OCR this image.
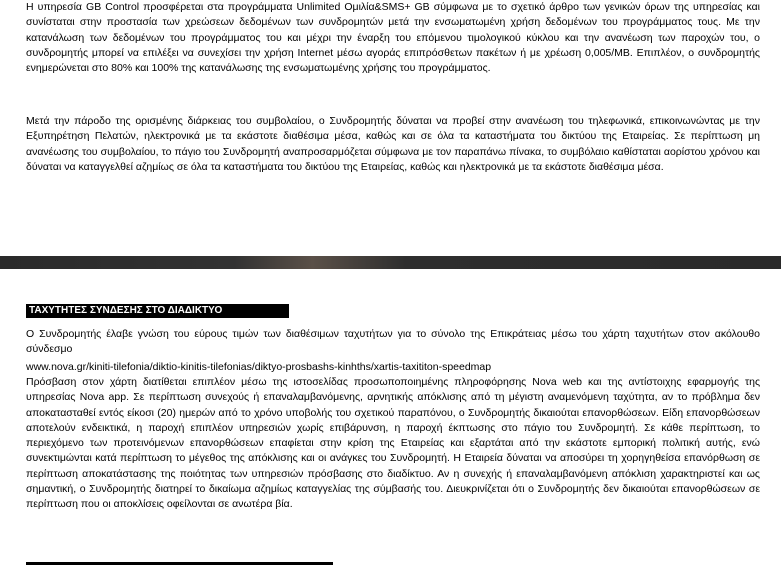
Η υπηρεσία GB Control προσφέρεται στα προγράμματα Unlimited Ομιλία&SMS+ GB σύμφωνα με το σχετικό άρθρο των γενικών όρων της υπηρεσίας και συνίσταται στην προστασία των χρεώσεων δεδομένων των συνδρομητών μετά την ενσωματωμένη χρήση δεδομένων του προγράμματος τους. Με την κατανάλωση των δεδομένων του προγράμματος του και μέχρι την έναρξη του επόμενου τιμολογικού κύκλου και την ανανέωση των παροχών του, ο συνδρομητής μπορεί να επιλέξει να συνεχίσει την χρήση Internet μέσω αγοράς επιπρόσθετων πακέτων ή με χρέωση 0,005/MB. Επιπλέον, ο συνδρομητής ενημερώνεται στο 80% και 100% της κατανάλωσης της ενσωματωμένης χρήσης του προγράμματος.

Μετά την πάροδο της ορισμένης διάρκειας του συμβολαίου, ο Συνδρομητής δύναται να προβεί στην ανανέωση του τηλεφωνικά, επικοινωνώντας με την Εξυπηρέτηση Πελατών, ηλεκτρονικά με τα εκάστοτε διαθέσιμα μέσα, καθώς και σε όλα τα καταστήματα του δικτύου της Εταιρείας. Σε περίπτωση μη ανανέωσης του συμβολαίου, το πάγιο του Συνδρομητή αναπροσαρμόζεται σύμφωνα με τον παραπάνω πίνακα, το συμβόλαιο καθίσταται αορίστου χρόνου και δύναται να καταγγελθεί αζημίως σε όλα τα καταστήματα του δικτύου της Εταιρείας, καθώς και ηλεκτρονικά με τα εκάστοτε διαθέσιμα μέσα.

ΤΑΧΥΤΗΤΕΣ ΣΥΝΔΕΣΗΣ ΣΤΟ ΔΙΑΔΙΚΤΥΟ

Ο Συνδρομητής έλαβε γνώση του εύρους τιμών των διαθέσιμων ταχυτήτων για το σύνολο της Επικράτειας μέσω του χάρτη ταχυτήτων στον ακόλουθο σύνδεσμο

www.nova.gr/kiniti-tilefonia/diktio-kinitis-tilefonias/diktyo-prosbashs-kinhths/xartis-taxititon-speedmap

Πρόσβαση στον χάρτη διατίθεται επιπλέον μέσω της ιστοσελίδας προσωποποιημένης πληροφόρησης Nova web και της αντίστοιχης εφαρμογής της υπηρεσίας Nova app. Σε περίπτωση συνεχούς ή επαναλαμβανόμενης, αρνητικής απόκλισης από τη μέγιστη αναμενόμενη ταχύτητα, αν το πρόβλημα δεν αποκατασταθεί εντός είκοσι (20) ημερών από το χρόνο υποβολής του σχετικού παραπόνου, ο Συνδρομητής δικαιούται επανορθώσεων. Είδη επανορθώσεων αποτελούν ενδεικτικά, η παροχή επιπλέον υπηρεσιών χωρίς επιβάρυνση, η παροχή έκπτωσης στο πάγιο του Συνδρομητή. Σε κάθε περίπτωση, το περιεχόμενο των προτεινόμενων επανορθώσεων επαφίεται στην κρίση της Εταιρείας και εξαρτάται από την εκάστοτε εμπορική πολιτική αυτής, ενώ συνεκτιμώνται κατά περίπτωση το μέγεθος της απόκλισης και οι ανάγκες του Συνδρομητή. Η Εταιρεία δύναται να αποσύρει τη χορηγηθείσα επανόρθωση σε περίπτωση αποκατάστασης της ποιότητας των υπηρεσιών πρόσβασης στο διαδίκτυο. Αν η συνεχής ή επαναλαμβανόμενη απόκλιση χαρακτηριστεί και ως σημαντική, ο Συνδρομητής διατηρεί το δικαίωμα αζημίως καταγγελίας της σύμβασής του. Διευκρινίζεται ότι ο Συνδρομητής δεν δικαιούται επανορθώσεων σε περίπτωση που οι αποκλίσεις οφείλονται σε ανωτέρα βία.
